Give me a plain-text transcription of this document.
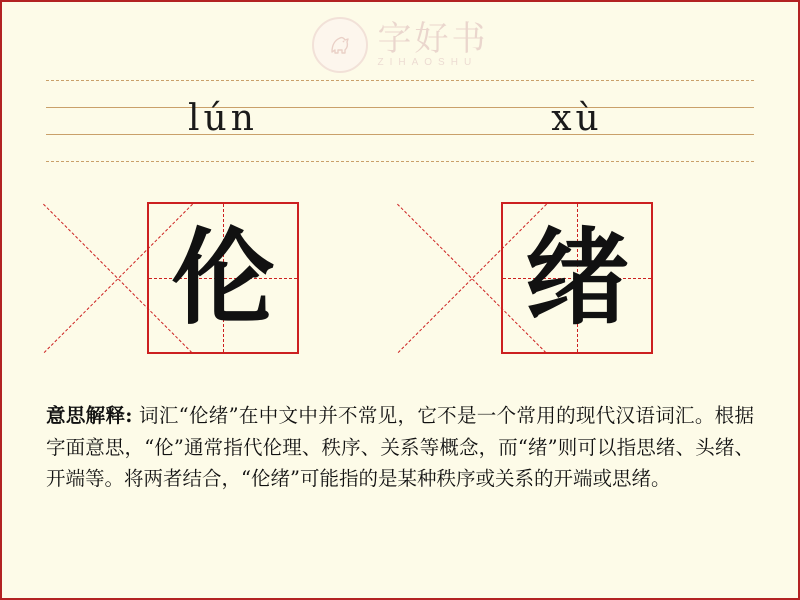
字好书
ZIHAOSHU
lún	xù
伦 绪
意思解释: 词汇“伦绪”在中文中并不常见，它不是一个常用的现代汉语词汇。根据字面意思，“伦”通常指代伦理、秩序、关系等概念，而“绪”则可以指思绪、头绪、开端等。将两者结合，“伦绪”可能指的是某种秩序或关系的开端或思绪。
